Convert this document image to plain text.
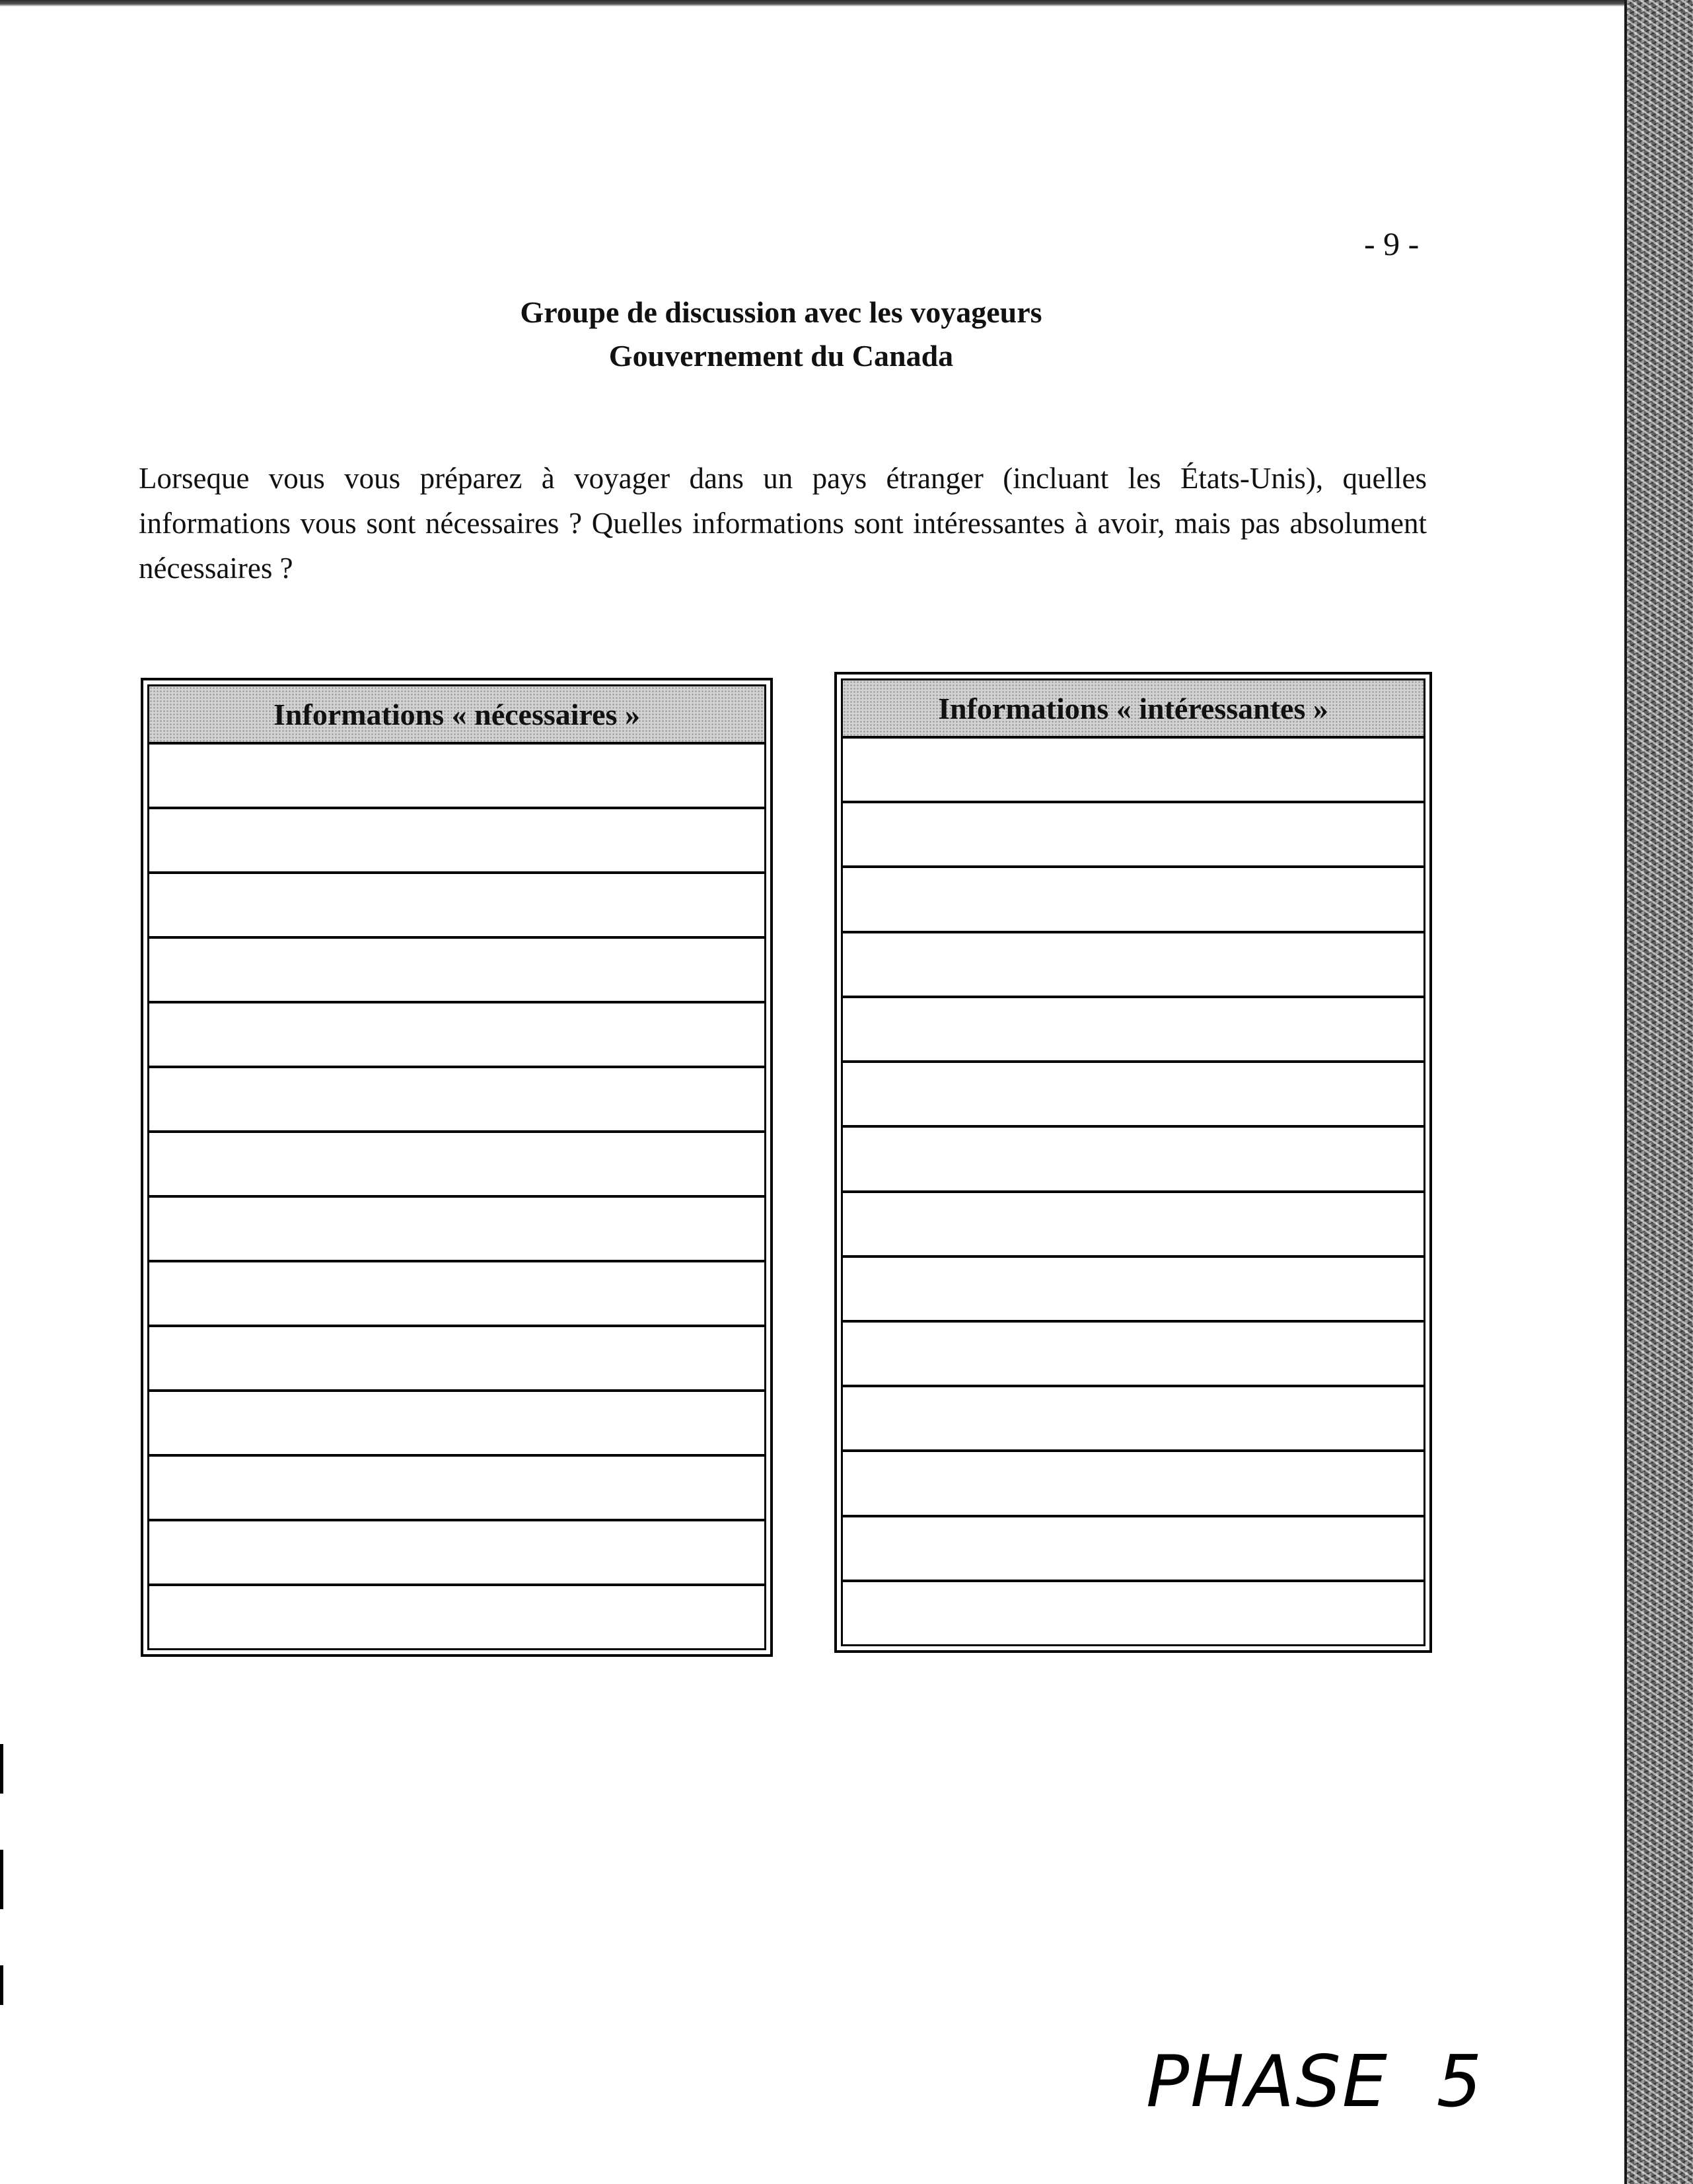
- 9 -
Groupe de discussion avec les voyageurs
Gouvernement du Canada
Lorseque vous vous préparez à voyager dans un pays étranger (incluant les États-Unis), quelles informations vous sont nécessaires ? Quelles informations sont intéressantes à avoir, mais pas absolument nécessaires ?
Informations « nécessaires »	Informations « intéressantes »
PHASE  5
